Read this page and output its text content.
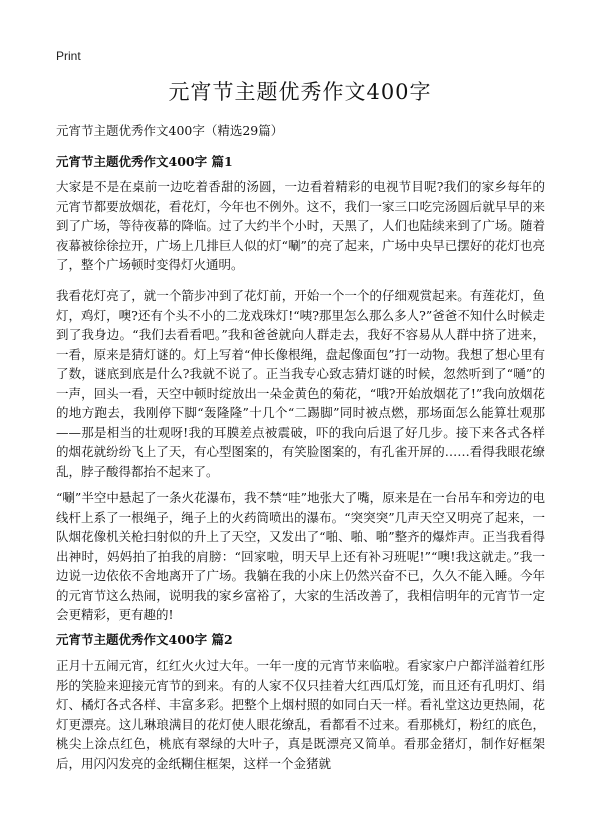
Print
元宵节主题优秀作文400字
元宵节主题优秀作文400字（精选29篇）
元宵节主题优秀作文400字 篇1

大家是不是在桌前一边吃着香甜的汤圆，一边看着精彩的电视节目呢?我们的家乡每年的元宵节都要放烟花，看花灯，今年也不例外。这不，我们一家三口吃完汤圆后就早早的来到了广场，等待夜幕的降临。过了大约半个小时，天黑了，人们也陆续来到了广场。随着夜幕被徐徐拉开，广场上几排巨人似的灯“唰”的亮了起来，广场中央早已摆好的花灯也亮了，整个广场顿时变得灯火通明。

我看花灯亮了，就一个箭步冲到了花灯前，开始一个一个的仔细观赏起来。有莲花灯，鱼灯，鸡灯，噢?还有个头不小的二龙戏珠灯!“咦?那里怎么那么多人?”爸爸不知什么时候走到了我身边。“我们去看看吧。”我和爸爸就向人群走去，我好不容易从人群中挤了进来，一看，原来是猜灯谜的。灯上写着“伸长像根绳，盘起像面包”打一动物。我想了想心里有了数，谜底到底是什么?我就不说了。正当我专心致志猜灯谜的时候，忽然听到了“嗵”的一声，回头一看，天空中顿时绽放出一朵金黄色的菊花，“哦?开始放烟花了!”我向放烟花的地方跑去，我刚停下脚“轰隆隆”十几个“二踢脚”同时被点燃，那场面怎么能算壮观那——那是相当的壮观呀!我的耳膜差点被震破，吓的我向后退了好几步。接下来各式各样的烟花就纷纷飞上了天，有心型图案的，有笑脸图案的，有孔雀开屏的……看得我眼花缭乱，脖子酸得都抬不起来了。

“唰”半空中悬起了一条火花瀑布，我不禁“哇”地张大了嘴，原来是在一台吊车和旁边的电线杆上系了一根绳子，绳子上的火药筒喷出的瀑布。“突突突”几声天空又明亮了起来，一队烟花像机关枪扫射似的升上了天空，又发出了“啪、啪、啪”整齐的爆炸声。正当我看得出神时，妈妈拍了拍我的肩膀：“回家啦，明天早上还有补习班呢!”“噢!我这就走。”我一边说一边依依不舍地离开了广场。我躺在我的小床上仍然兴奋不已，久久不能入睡。今年的元宵节这么热闹，说明我的家乡富裕了，大家的生活改善了，我相信明年的元宵节一定会更精彩，更有趣的!

元宵节主题优秀作文400字 篇2

正月十五闹元宵，红红火火过大年。一年一度的元宵节来临啦。看家家户户都洋溢着红彤彤的笑脸来迎接元宵节的到来。有的人家不仅只挂着大红西瓜灯笼，而且还有孔明灯、绢灯、橘灯各式各样、丰富多彩。把整个上烟村照的如同白天一样。看礼堂这边更热闹，花灯更漂亮。这儿琳琅满目的花灯使人眼花缭乱，看都看不过来。看那桃灯，粉红的底色，桃尖上涂点红色，桃底有翠绿的大叶子，真是既漂亮又简单。看那金猪灯，制作好框架后，用闪闪发亮的金纸糊住框架，这样一个金猪就
